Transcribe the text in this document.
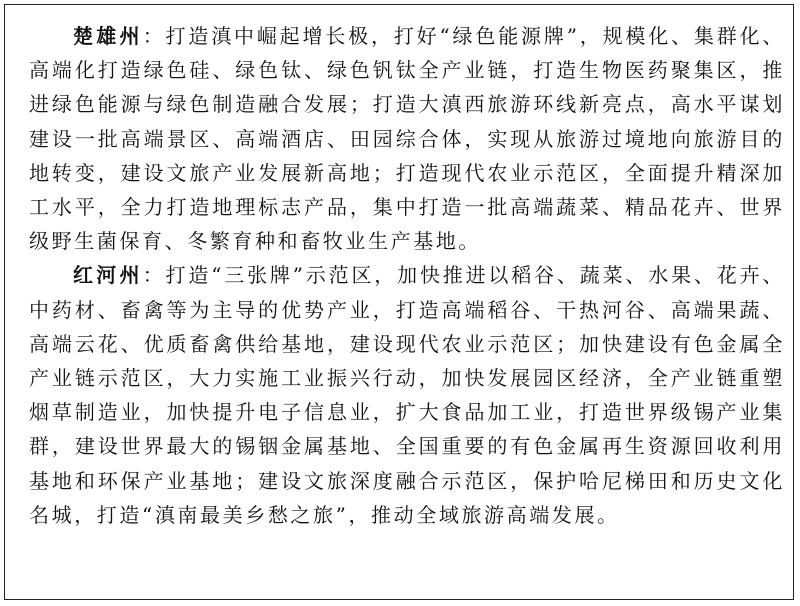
楚雄州：打造滇中崛起增长极，打好“绿色能源牌”，规模化、集群化、高端化打造绿色硅、绿色钛、绿色钒钛全产业链，打造生物医药聚集区，推进绿色能源与绿色制造融合发展；打造大滇西旅游环线新亮点，高水平谋划建设一批高端景区、高端酒店、田园综合体，实现从旅游过境地向旅游目的地转变，建设文旅产业发展新高地；打造现代农业示范区，全面提升精深加工水平，全力打造地理标志产品，集中打造一批高端蔬菜、精品花卉、世界级野生菌保育、冬繁育种和畜牧业生产基地。

红河州：打造“三张牌”示范区，加快推进以稻谷、蔬菜、水果、花卉、中药材、畜禽等为主导的优势产业，打造高端稻谷、干热河谷、高端果蔬、高端云花、优质畜禽供给基地，建设现代农业示范区；加快建设有色金属全产业链示范区，大力实施工业振兴行动，加快发展园区经济，全产业链重塑烟草制造业，加快提升电子信息业，扩大食品加工业，打造世界级锡产业集群，建设世界最大的锡铟金属基地、全国重要的有色金属再生资源回收利用基地和环保产业基地；建设文旅深度融合示范区，保护哈尼梯田和历史文化名城，打造“滇南最美乡愁之旅”，推动全域旅游高端发展。
